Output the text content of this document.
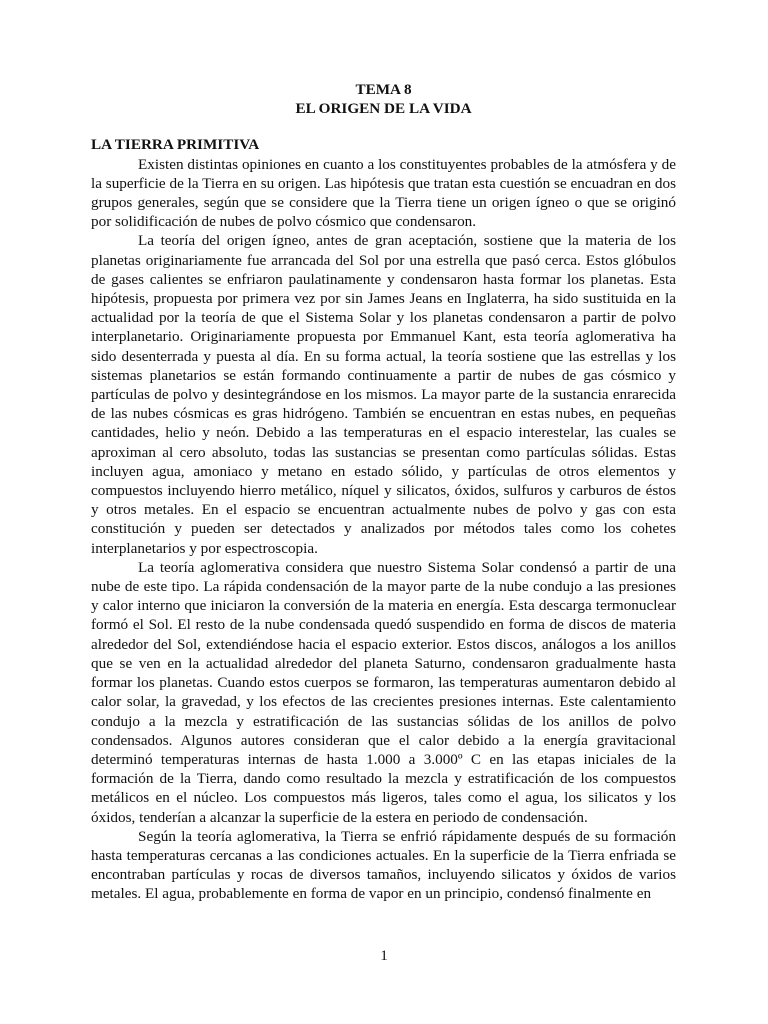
TEMA 8

EL ORIGEN DE LA VIDA

LA TIERRA PRIMITIVA

Existen distintas opiniones en cuanto a los constituyentes probables de la atmósfera y de la superficie de la Tierra en su origen. Las hipótesis que tratan esta cuestión se encuadran en dos grupos generales, según que se considere que la Tierra tiene un origen ígneo o que se originó por solidificación de nubes de polvo cósmico que condensaron.

La teoría del origen ígneo, antes de gran aceptación, sostiene que la materia de los planetas originariamente fue arrancada del Sol por una estrella que pasó cerca. Estos glóbulos de gases calientes se enfriaron paulatinamente y condensaron hasta formar los planetas. Esta hipótesis, propuesta por primera vez por sin James Jeans en Inglaterra, ha sido sustituida en la actualidad por la teoría de que el Sistema Solar y los planetas condensaron a partir de polvo interplanetario. Originariamente propuesta por Emmanuel Kant, esta teoría aglomerativa ha sido desenterrada y puesta al día. En su forma actual, la teoría sostiene que las estrellas y los sistemas planetarios se están formando continuamente a partir de nubes de gas cósmico y partículas de polvo y desintegrándose en los mismos. La mayor parte de la sustancia enrarecida de las nubes cósmicas es gras hidrógeno. También se encuentran en estas nubes, en pequeñas cantidades, helio y neón. Debido a las temperaturas en el espacio interestelar, las cuales se aproximan al cero absoluto, todas las sustancias se presentan como partículas sólidas. Estas incluyen agua, amoniaco y metano en estado sólido, y partículas de otros elementos y compuestos incluyendo hierro metálico, níquel y silicatos, óxidos, sulfuros y carburos de éstos y otros metales. En el espacio se encuentran actualmente nubes de polvo y gas con esta constitución y pueden ser detectados y analizados por métodos tales como los cohetes interplanetarios y por espectroscopia.

La teoría aglomerativa considera que nuestro Sistema Solar condensó a partir de una nube de este tipo. La rápida condensación de la mayor parte de la nube condujo a las presiones y calor interno que iniciaron la conversión de la materia en energía. Esta descarga termonuclear formó el Sol. El resto de la nube condensada quedó suspendido en forma de discos de materia alrededor del Sol, extendiéndose hacia el espacio exterior. Estos discos, análogos a los anillos que se ven en la actualidad alrededor del planeta Saturno, condensaron gradualmente hasta formar los planetas. Cuando estos cuerpos se formaron, las temperaturas aumentaron debido al calor solar, la gravedad, y los efectos de las crecientes presiones internas. Este calentamiento condujo a la mezcla y estratificación de las sustancias sólidas de los anillos de polvo condensados. Algunos autores consideran que el calor debido a la energía gravitacional determinó temperaturas internas de hasta 1.000 a 3.000º C en las etapas iniciales de la formación de la Tierra, dando como resultado la mezcla y estratificación de los compuestos metálicos en el núcleo. Los compuestos más ligeros, tales como el agua, los silicatos y los óxidos, tenderían a alcanzar la superficie de la estera en periodo de condensación.

Según la teoría aglomerativa, la Tierra se enfrió rápidamente después de su formación hasta temperaturas cercanas a las condiciones actuales. En la superficie de la Tierra enfriada se encontraban partículas y rocas de diversos tamaños, incluyendo silicatos y óxidos de varios metales. El agua, probablemente en forma de vapor en un principio, condensó finalmente en

1
